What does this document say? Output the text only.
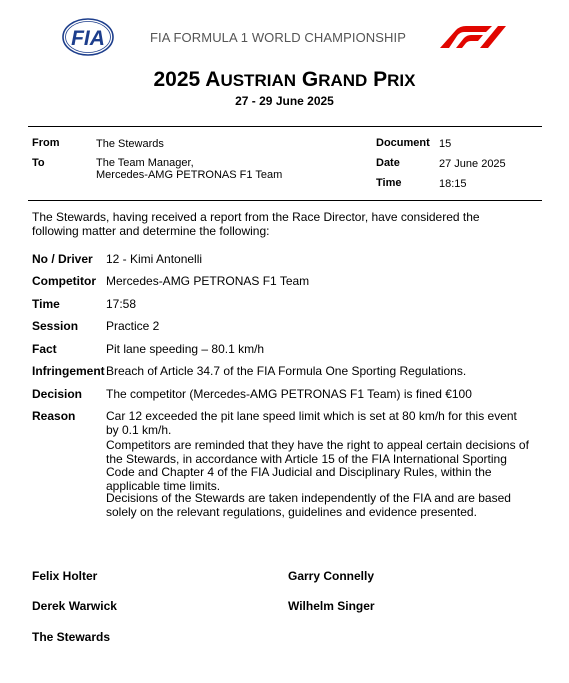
FIA	FIA FORMULA 1 WORLD CHAMPIONSHIP
2025 AUSTRIAN GRAND PRIX
27 - 29 June 2025
From	The Stewards
To	The Team Manager,
Mercedes-AMG PETRONAS F1 Team
Document 15
Date	27 June 2025
Time	18:15
The Stewards, having received a report from the Race Director, have considered the following matter and determine the following:
No / Driver 12 - Kimi Antonelli
Competitor Mercedes-AMG PETRONAS F1 Team
Time	17:58
Session Practice 2
Fact	Pit lane speeding – 80.1 km/h
Infringement Breach of Article 34.7 of the FIA Formula One Sporting Regulations.
Decision The competitor (Mercedes-AMG PETRONAS F1 Team) is fined €100
Reason	Car 12 exceeded the pit lane speed limit which is set at 80 km/h for this event by 0.1 km/h.
Competitors are reminded that they have the right to appeal certain decisions of the Stewards, in accordance with Article 15 of the FIA International Sporting Code and Chapter 4 of the FIA Judicial and Disciplinary Rules, within the applicable time limits.
Decisions of the Stewards are taken independently of the FIA and are based solely on the relevant regulations, guidelines and evidence presented.
Felix Holter	Garry Connelly
Derek Warwick	Wilhelm Singer
The Stewards
